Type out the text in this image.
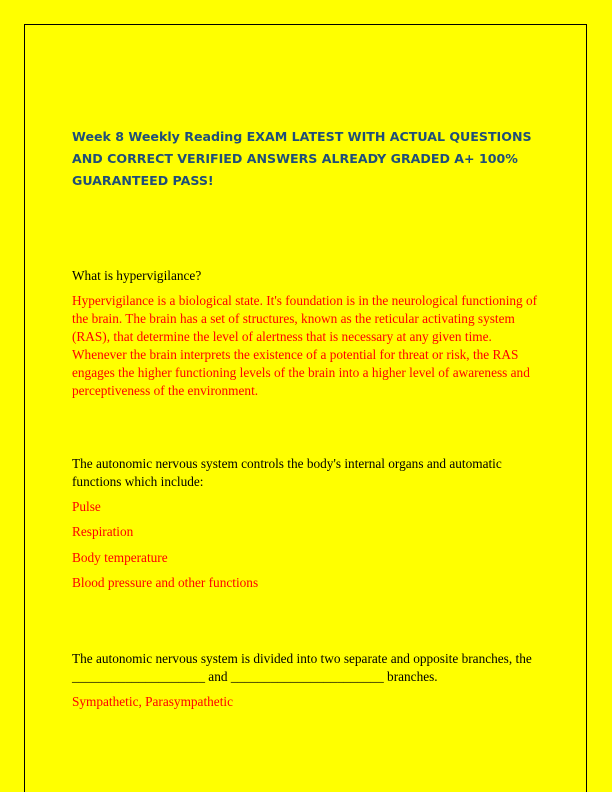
Week 8 Weekly Reading EXAM LATEST WITH ACTUAL QUESTIONS AND CORRECT VERIFIED ANSWERS ALREADY GRADED A+ 100% GUARANTEED PASS!

What is hypervigilance?

Hypervigilance is a biological state. It's foundation is in the neurological functioning of the brain. The brain has a set of structures, known as the reticular activating system (RAS), that determine the level of alertness that is necessary at any given time. Whenever the brain interprets the existence of a potential for threat or risk, the RAS engages the higher functioning levels of the brain into a higher level of awareness and perceptiveness of the environment.

The autonomic nervous system controls the body's internal organs and automatic functions which include:

Pulse

Respiration

Body temperature

Blood pressure and other functions

The autonomic nervous system is divided into two separate and opposite branches, the ____________________ and _______________________ branches.

Sympathetic, Parasympathetic
